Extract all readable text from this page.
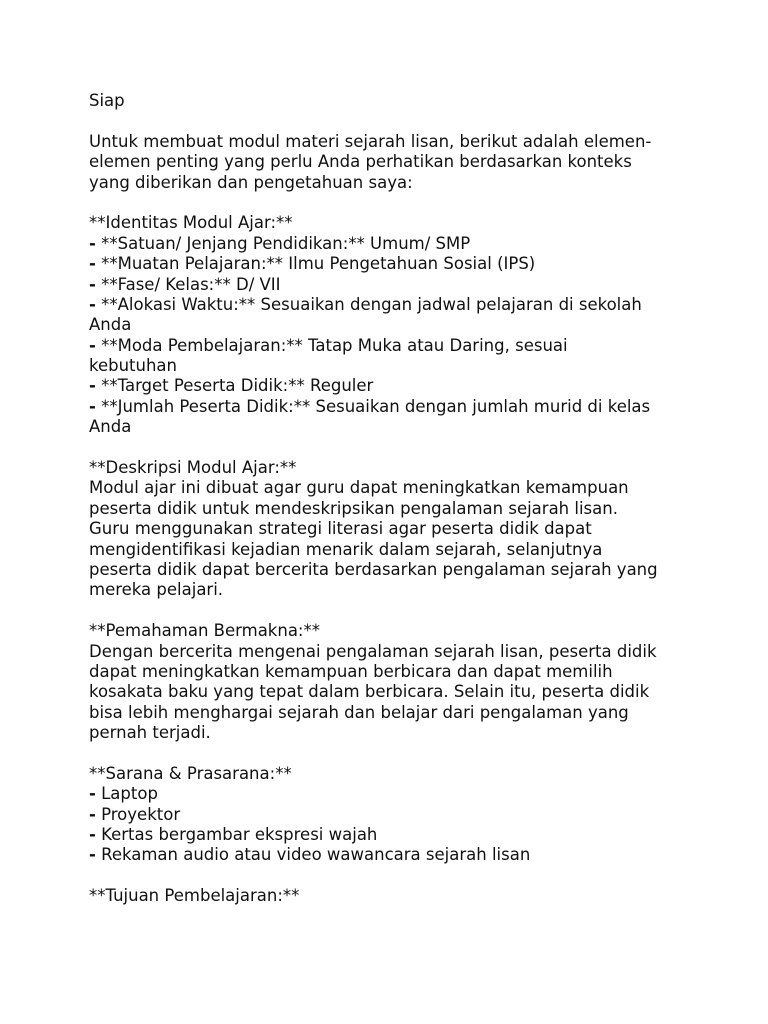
Siap
Untuk membuat modul materi sejarah lisan, berikut adalah elemen-
elemen penting yang perlu Anda perhatikan berdasarkan konteks
yang diberikan dan pengetahuan saya:
**Identitas Modul Ajar:**
- **Satuan/ Jenjang Pendidikan:** Umum/ SMP
- **Muatan Pelajaran:** Ilmu Pengetahuan Sosial (IPS)
- **Fase/ Kelas:** D/ VII
- **Alokasi Waktu:** Sesuaikan dengan jadwal pelajaran di sekolah
Anda
- **Moda Pembelajaran:** Tatap Muka atau Daring, sesuai
kebutuhan
- **Target Peserta Didik:** Reguler
- **Jumlah Peserta Didik:** Sesuaikan dengan jumlah murid di kelas
Anda
**Deskripsi Modul Ajar:**
Modul ajar ini dibuat agar guru dapat meningkatkan kemampuan
peserta didik untuk mendeskripsikan pengalaman sejarah lisan.
Guru menggunakan strategi literasi agar peserta didik dapat
mengidentifikasi kejadian menarik dalam sejarah, selanjutnya
peserta didik dapat bercerita berdasarkan pengalaman sejarah yang
mereka pelajari.
**Pemahaman Bermakna:**
Dengan bercerita mengenai pengalaman sejarah lisan, peserta didik
dapat meningkatkan kemampuan berbicara dan dapat memilih
kosakata baku yang tepat dalam berbicara. Selain itu, peserta didik
bisa lebih menghargai sejarah dan belajar dari pengalaman yang
pernah terjadi.
**Sarana & Prasarana:**
- Laptop
- Proyektor
- Kertas bergambar ekspresi wajah
- Rekaman audio atau video wawancara sejarah lisan
**Tujuan Pembelajaran:**
